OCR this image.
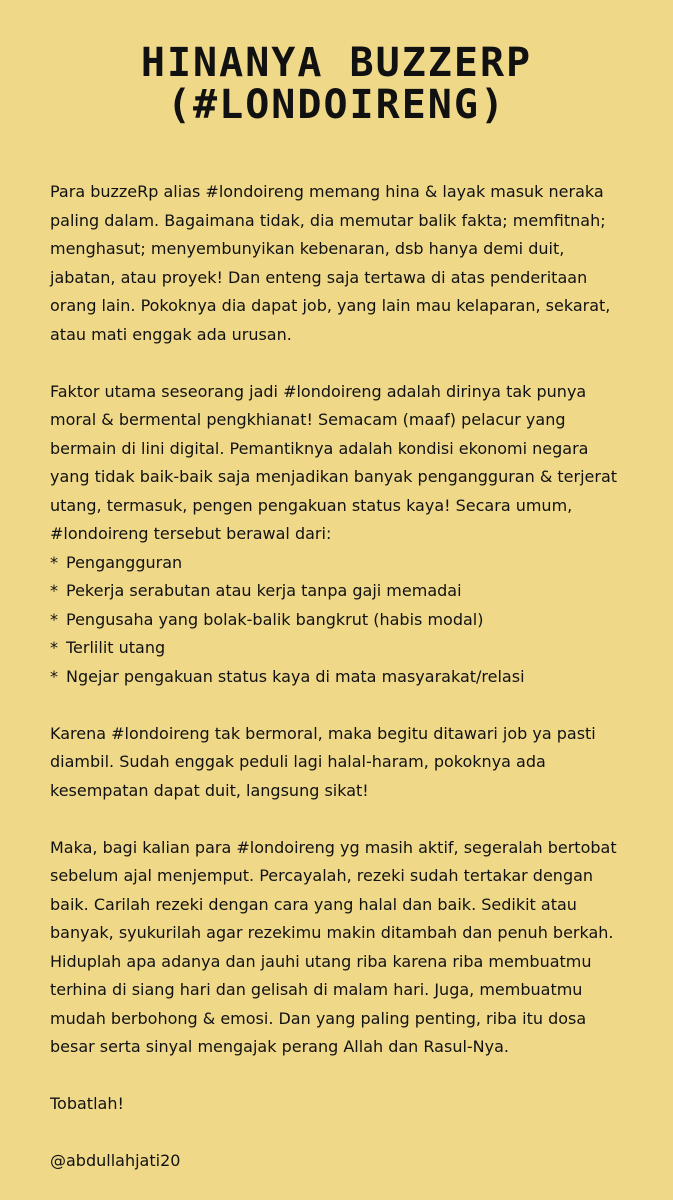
HINANYA BUZZERP
(#LONDOIRENG)

Para buzzeRp alias #londoireng memang hina & layak masuk neraka paling dalam. Bagaimana tidak, dia memutar balik fakta; memfitnah; menghasut; menyembunyikan kebenaran, dsb hanya demi duit, jabatan, atau proyek! Dan enteng saja tertawa di atas penderitaan orang lain. Pokoknya dia dapat job, yang lain mau kelaparan, sekarat, atau mati enggak ada urusan.

Faktor utama seseorang jadi #londoireng adalah dirinya tak punya moral & bermental pengkhianat! Semacam (maaf) pelacur yang bermain di lini digital. Pemantiknya adalah kondisi ekonomi negara yang tidak baik-baik saja menjadikan banyak pengangguran & terjerat utang, termasuk, pengen pengakuan status kaya! Secara umum, #londoireng tersebut berawal dari:

* Pengangguran
* Pekerja serabutan atau kerja tanpa gaji memadai
* Pengusaha yang bolak-balik bangkrut (habis modal)
* Terlilit utang
* Ngejar pengakuan status kaya di mata masyarakat/relasi

Karena #londoireng tak bermoral, maka begitu ditawari job ya pasti diambil. Sudah enggak peduli lagi halal-haram, pokoknya ada kesempatan dapat duit, langsung sikat!

Maka, bagi kalian para #londoireng yg masih aktif, segeralah bertobat sebelum ajal menjemput. Percayalah, rezeki sudah tertakar dengan baik. Carilah rezeki dengan cara yang halal dan baik. Sedikit atau banyak, syukurilah agar rezekimu makin ditambah dan penuh berkah. Hiduplah apa adanya dan jauhi utang riba karena riba membuatmu terhina di siang hari dan gelisah di malam hari. Juga, membuatmu mudah berbohong & emosi. Dan yang paling penting, riba itu dosa besar serta sinyal mengajak perang Allah dan Rasul-Nya.

Tobatlah!

@abdullahjati20
